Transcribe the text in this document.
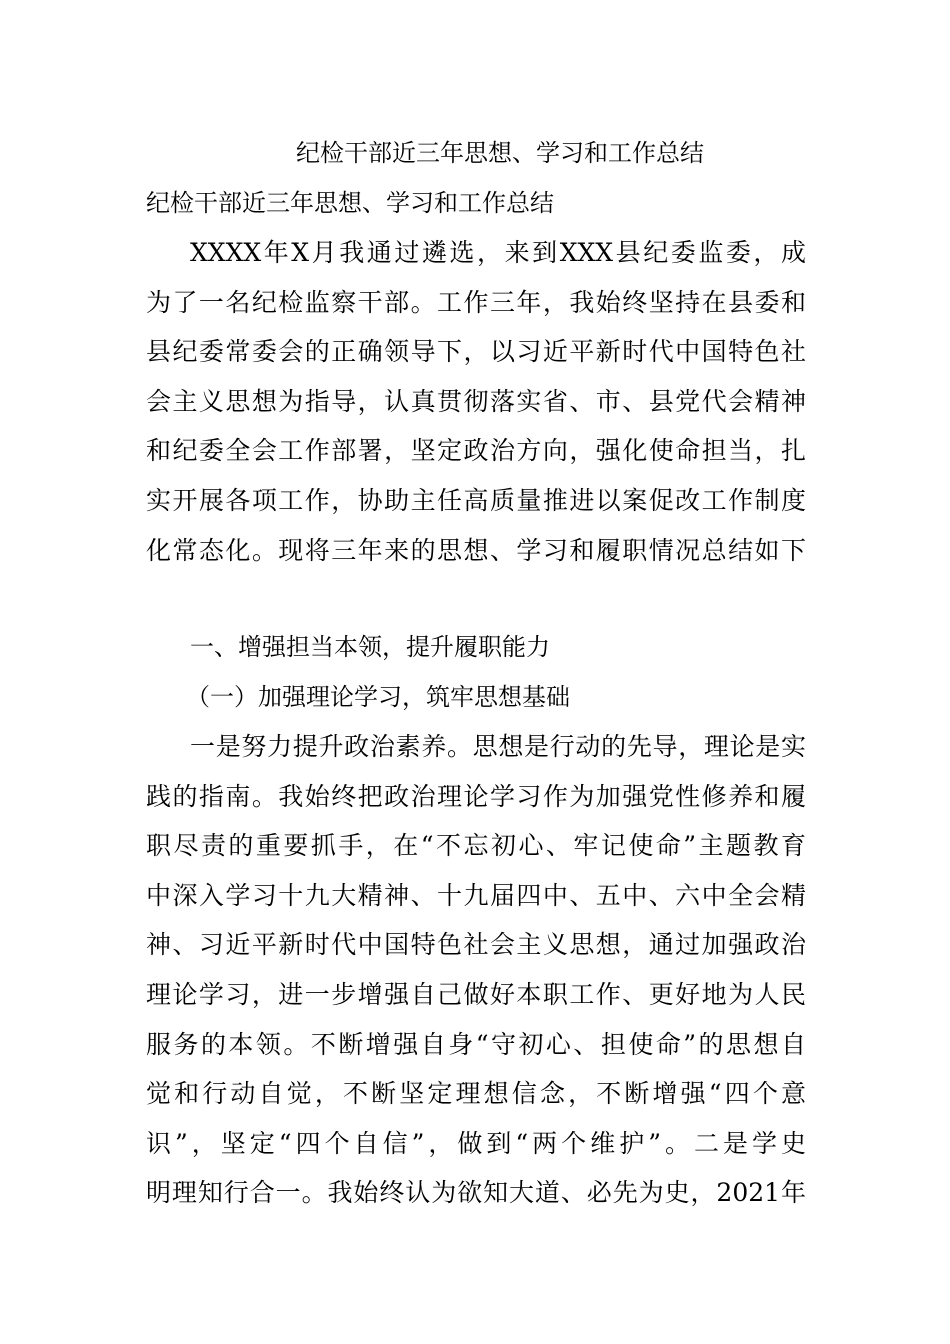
纪检干部近三年思想、学习和工作总结
纪检干部近三年思想、学习和工作总结
XXXX年X月我通过遴选，来到XXX县纪委监委，成
为了一名纪检监察干部。工作三年，我始终坚持在县委和
县纪委常委会的正确领导下，以习近平新时代中国特色社
会主义思想为指导，认真贯彻落实省、市、县党代会精神
和纪委全会工作部署，坚定政治方向，强化使命担当，扎
实开展各项工作，协助主任高质量推进以案促改工作制度
化常态化。现将三年来的思想、学习和履职情况总结如下
一、增强担当本领，提升履职能力
（一）加强理论学习，筑牢思想基础
一是努力提升政治素养。思想是行动的先导，理论是实
践的指南。我始终把政治理论学习作为加强党性修养和履
职尽责的重要抓手，在“不忘初心、牢记使命”主题教育
中深入学习十九大精神、十九届四中、五中、六中全会精
神、习近平新时代中国特色社会主义思想，通过加强政治
理论学习，进一步增强自己做好本职工作、更好地为人民
服务的本领。不断增强自身“守初心、担使命”的思想自
觉和行动自觉，不断坚定理想信念，不断增强“四个意
识”，坚定“四个自信”，做到“两个维护”。二是学史
明理知行合一。我始终认为欲知大道、必先为史，2021年
